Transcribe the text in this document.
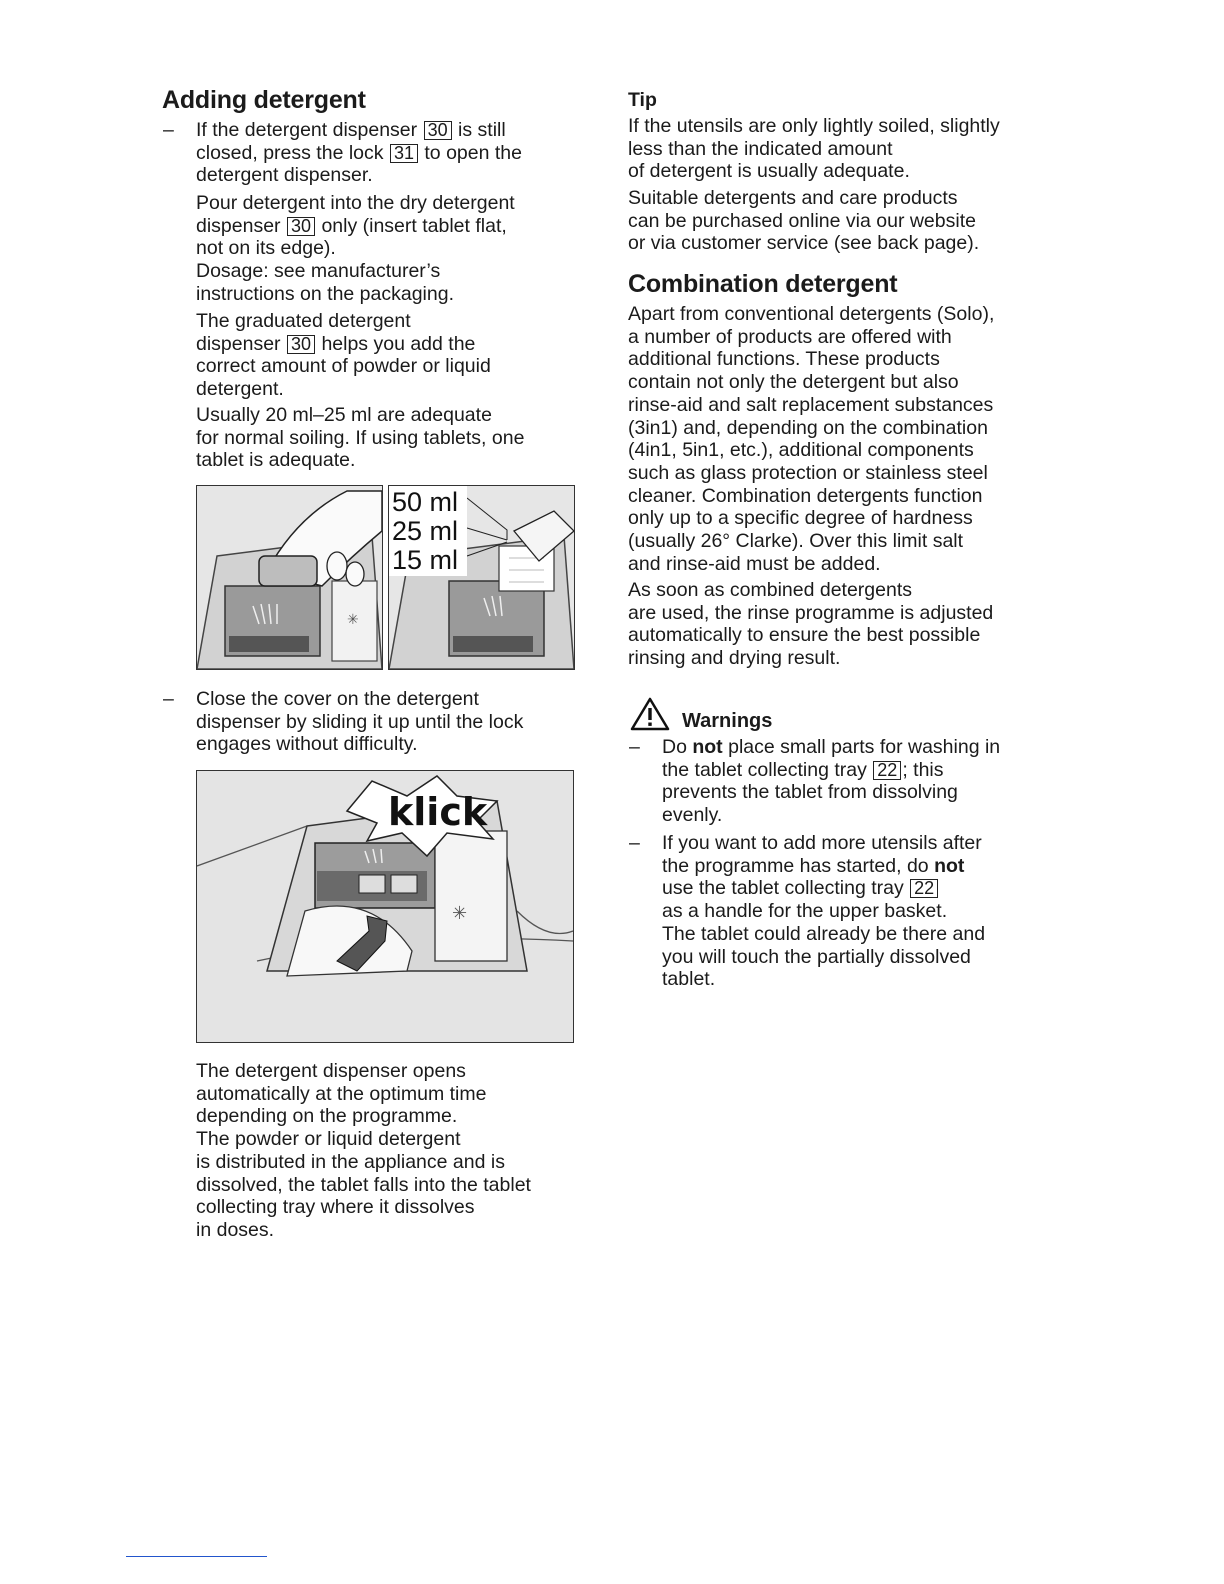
Adding detergent
– If the detergent dispenser 30 is still
closed, press the lock 31 to open the
detergent dispenser.
Pour detergent into the dry detergent
dispenser 30 only (insert tablet flat,
not on its edge).
Dosage: see manufacturer’s
instructions on the packaging.
The graduated detergent
dispenser 30 helps you add the
correct amount of powder or liquid
detergent.
Usually 20 ml–25 ml are adequate
for normal soiling. If using tablets, one
tablet is adequate.
✳
50 ml
25 ml
15 ml
– Close the cover on the detergent
dispenser by sliding it up until the lock
engages without difficulty.
✳
klick
The detergent dispenser opens
automatically at the optimum time
depending on the programme.
The powder or liquid detergent
is distributed in the appliance and is
dissolved, the tablet falls into the tablet
collecting tray where it dissolves
in doses.
Tip
If the utensils are only lightly soiled, slightly
less than the indicated amount
of detergent is usually adequate.
Suitable detergents and care products
can be purchased online via our website
or via customer service (see back page).
Combination detergent
Apart from conventional detergents (Solo),
a number of products are offered with
additional functions. These products
contain not only the detergent but also
rinse-aid and salt replacement substances
(3in1) and, depending on the combination
(4in1, 5in1, etc.), additional components
such as glass protection or stainless steel
cleaner. Combination detergents function
only up to a specific degree of hardness
(usually 26° Clarke). Over this limit salt
and rinse-aid must be added.
As soon as combined detergents
are used, the rinse programme is adjusted
automatically to ensure the best possible
rinsing and drying result.
Warnings
– Do not place small parts for washing in
the tablet collecting tray 22 ; this
prevents the tablet from dissolving
evenly.
– If you want to add more utensils after
the programme has started, do not
use the tablet collecting tray 22
as a handle for the upper basket.
The tablet could already be there and
you will touch the partially dissolved
tablet.
